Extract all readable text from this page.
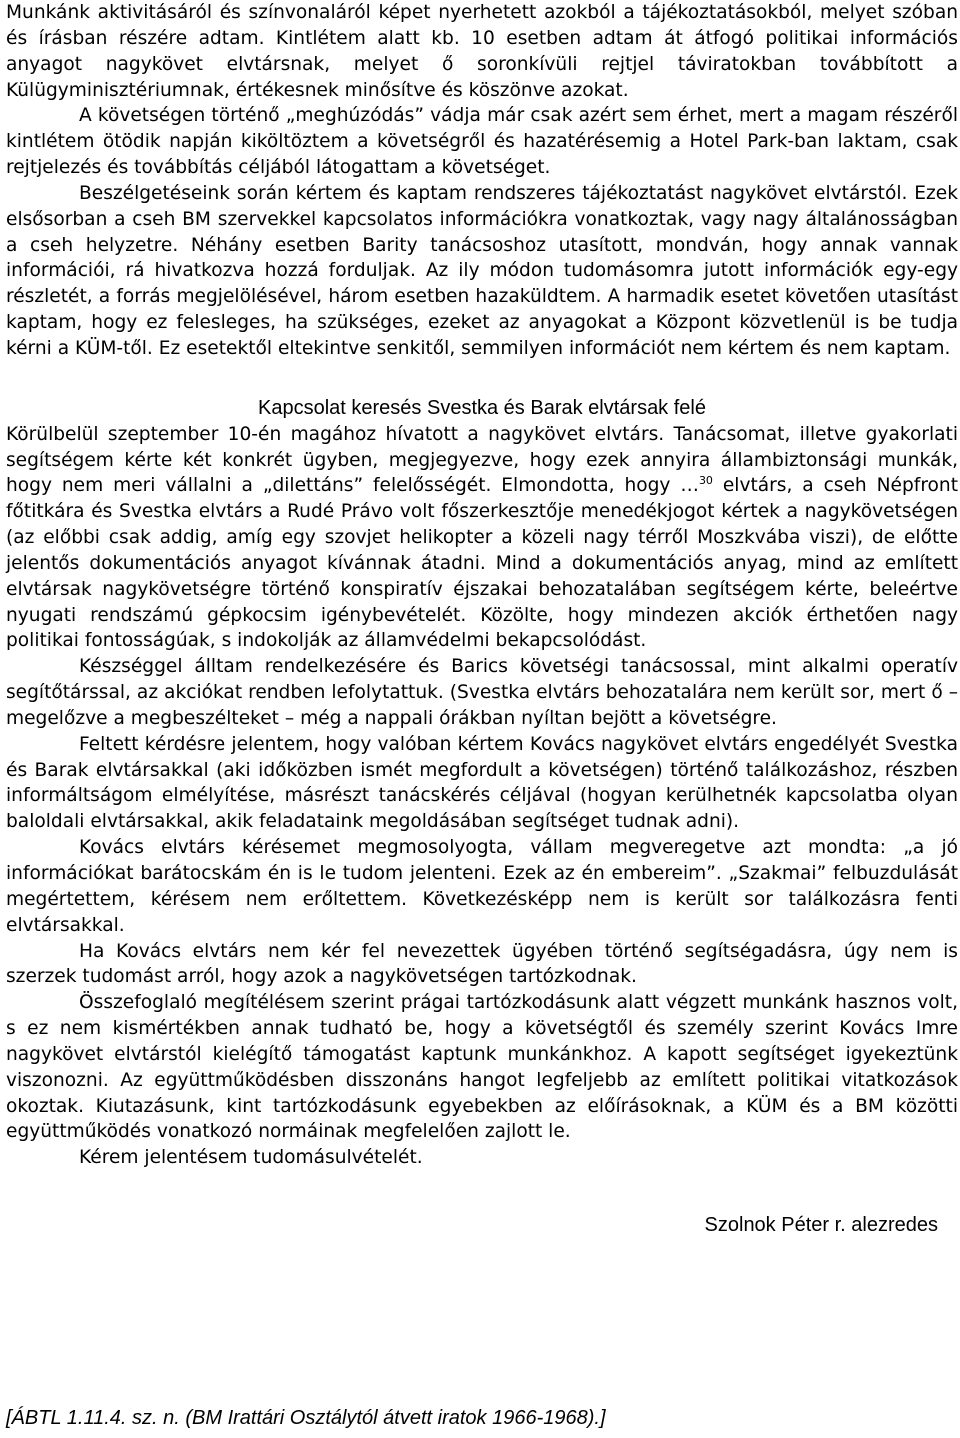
Munkánk aktivitásáról és színvonaláról képet nyerhetett azokból a tájékoztatásokból, melyet szóban és írásban részére adtam. Kintlétem alatt kb. 10 esetben adtam át átfogó politikai információs anyagot nagykövet elvtársnak, melyet ő soronkívüli rejtjel táviratokban továbbított a Külügyminisztériumnak, értékesnek minősítve és köszönve azokat.

A követségen történő „meghúzódás” vádja már csak azért sem érhet, mert a magam részéről kintlétem ötödik napján kiköltöztem a követségről és hazatérésemig a Hotel Park-ban laktam, csak rejtjelezés és továbbítás céljából látogattam a követséget.

Beszélgetéseink során kértem és kaptam rendszeres tájékoztatást nagykövet elvtárstól. Ezek elsősorban a cseh BM szervekkel kapcsolatos információkra vonatkoztak, vagy nagy általánosságban a cseh helyzetre. Néhány esetben Barity tanácsoshoz utasított, mondván, hogy annak vannak információi, rá hivatkozva hozzá forduljak. Az ily módon tudomásomra jutott információk egy-egy részletét, a forrás megjelölésével, három esetben hazaküldtem. A harmadik esetet követően utasítást kaptam, hogy ez felesleges, ha szükséges, ezeket az anyagokat a Központ közvetlenül is be tudja kérni a KÜM-től. Ez esetektől eltekintve senkitől, semmilyen információt nem kértem és nem kaptam.

Kapcsolat keresés Svestka és Barak elvtársak felé

Körülbelül szeptember 10-én magához hívatott a nagykövet elvtárs. Tanácsomat, illetve gyakorlati segítségem kérte két konkrét ügyben, megjegyezve, hogy ezek annyira állambiztonsági munkák, hogy nem meri vállalni a „dilettáns” felelősségét. Elmondotta, hogy …$^{30}$ elvtárs, a cseh Népfront főtitkára és Svestka elvtárs a Rudé Právo volt főszerkesztője menedékjogot kértek a nagykövetségen (az előbbi csak addig, amíg egy szovjet helikopter a közeli nagy térről Moszkvába viszi), de előtte jelentős dokumentációs anyagot kívánnak átadni. Mind a dokumentációs anyag, mind az említett elvtársak nagykövetségre történő konspiratív éjszakai behozatalában segítségem kérte, beleértve nyugati rendszámú gépkocsim igénybevételét. Közölte, hogy mindezen akciók érthetően nagy politikai fontosságúak, s indokolják az államvédelmi bekapcsolódást.

Készséggel álltam rendelkezésére és Barics követségi tanácsossal, mint alkalmi operatív segítőtárssal, az akciókat rendben lefolytattuk. (Svestka elvtárs behozatalára nem került sor, mert ő – megelőzve a megbeszélteket – még a nappali órákban nyíltan bejött a követségre.

Feltett kérdésre jelentem, hogy valóban kértem Kovács nagykövet elvtárs engedélyét Svestka és Barak elvtársakkal (aki időközben ismét megfordult a követségen) történő találkozáshoz, részben informáltságom elmélyítése, másrészt tanácskérés céljával (hogyan kerülhetnék kapcsolatba olyan baloldali elvtársakkal, akik feladataink megoldásában segítséget tudnak adni).

Kovács elvtárs kérésemet megmosolyogta, vállam megveregetve azt mondta: „a jó információkat barátocskám én is le tudom jelenteni. Ezek az én embereim”. „Szakmai” felbuzdulását megértettem, kérésem nem erőltettem. Következésképp nem is került sor találkozásra fenti elvtársakkal.

Ha Kovács elvtárs nem kér fel nevezettek ügyében történő segítségadásra, úgy nem is szerzek tudomást arról, hogy azok a nagykövetségen tartózkodnak.

Összefoglaló megítélésem szerint prágai tartózkodásunk alatt végzett munkánk hasznos volt, s ez nem kismértékben annak tudható be, hogy a követségtől és személy szerint Kovács Imre nagykövet elvtárstól kielégítő támogatást kaptunk munkánkhoz. A kapott segítséget igyekeztünk viszonozni. Az együttműködésben disszonáns hangot legfeljebb az említett politikai vitatkozások okoztak. Kiutazásunk, kint tartózkodásunk egyebekben az előírásoknak, a KÜM és a BM közötti együttműködés vonatkozó normáinak megfelelően zajlott le.

Kérem jelentésem tudomásulvételét.

Szolnok Péter r. alezredes
[ÁBTL 1.11.4. sz. n. (BM Irattári Osztálytól átvett iratok 1966-1968).]
